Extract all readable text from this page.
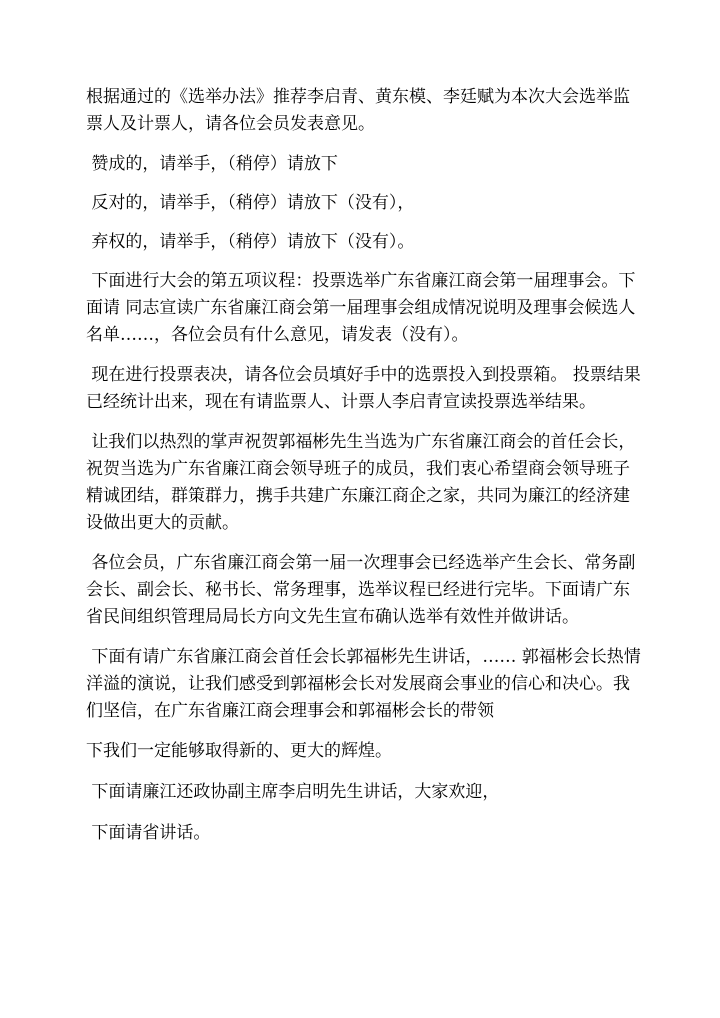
根据通过的《选举办法》推荐李启青、黄东模、李廷赋为本次大会选举监票人及计票人，请各位会员发表意见。

赞成的，请举手，（稍停）请放下

反对的，请举手，（稍停）请放下（没有），

弃权的，请举手，（稍停）请放下（没有）。

下面进行大会的第五项议程：投票选举广东省廉江商会第一届理事会。下面请 同志宣读广东省廉江商会第一届理事会组成情况说明及理事会候选人名单……，各位会员有什么意见，请发表（没有）。

现在进行投票表决，请各位会员填好手中的选票投入到投票箱。 投票结果已经统计出来，现在有请监票人、计票人李启青宣读投票选举结果。

让我们以热烈的掌声祝贺郭福彬先生当选为广东省廉江商会的首任会长，祝贺当选为广东省廉江商会领导班子的成员，我们衷心希望商会领导班子精诚团结，群策群力，携手共建广东廉江商企之家，共同为廉江的经济建设做出更大的贡献。

各位会员，广东省廉江商会第一届一次理事会已经选举产生会长、常务副会长、副会长、秘书长、常务理事，选举议程已经进行完毕。下面请广东省民间组织管理局局长方向文先生宣布确认选举有效性并做讲话。

下面有请广东省廉江商会首任会长郭福彬先生讲话，…… 郭福彬会长热情洋溢的演说，让我们感受到郭福彬会长对发展商会事业的信心和决心。我们坚信，在广东省廉江商会理事会和郭福彬会长的带领

下我们一定能够取得新的、更大的辉煌。

下面请廉江还政协副主席李启明先生讲话，大家欢迎，

下面请省讲话。
